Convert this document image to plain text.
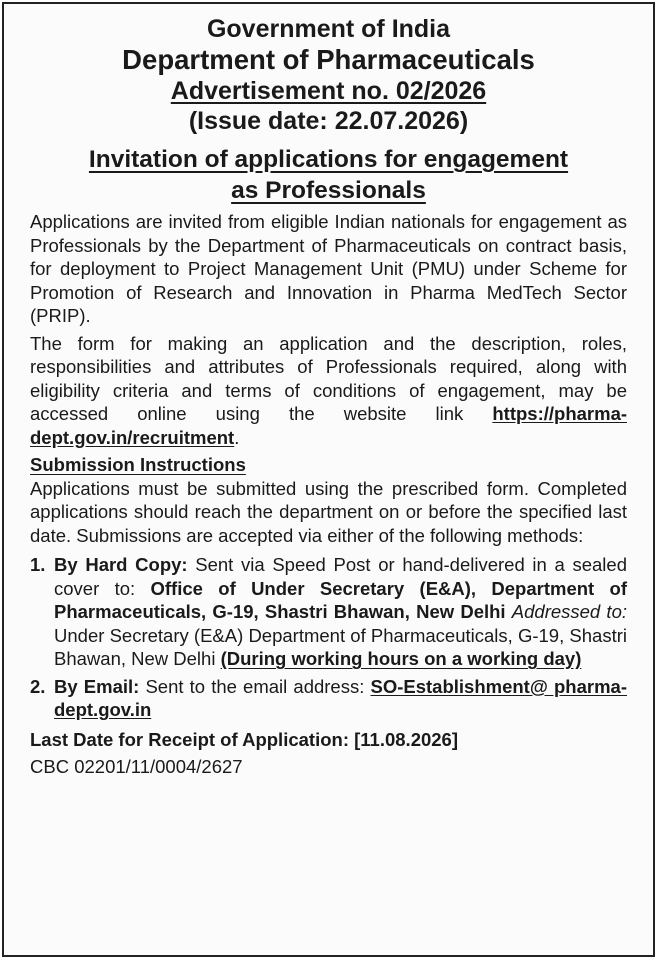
Government of India
Department of Pharmaceuticals
Advertisement no. 02/2026
(Issue date: 22.07.2026)
Invitation of applications for engagement
as Professionals

Applications are invited from eligible Indian nationals for engagement as Professionals by the Department of Pharmaceuticals on contract basis, for deployment to Project Management Unit (PMU) under Scheme for Promotion of Research and Innovation in Pharma MedTech Sector (PRIP).

The form for making an application and the description, roles, responsibilities and attributes of Professionals required, along with eligibility criteria and terms of conditions of engagement, may be accessed online using the website link https://pharma-dept.gov.in/recruitment.

Submission Instructions

Applications must be submitted using the prescribed form. Completed applications should reach the department on or before the specified last date. Submissions are accepted via either of the following methods:

1. By Hard Copy: Sent via Speed Post or hand-delivered in a sealed cover to: Office of Under Secretary (E&A), Department of Pharmaceuticals, G-19, Shastri Bhawan, New Delhi Addressed to: Under Secretary (E&A) Department of Pharmaceuticals, G-19, Shastri Bhawan, New Delhi (During working hours on a working day)
2. By Email: Sent to the email address: SO-Establishment@ pharma-dept.gov.in
Last Date for Receipt of Application: [11.08.2026]
CBC 02201/11/0004/2627
